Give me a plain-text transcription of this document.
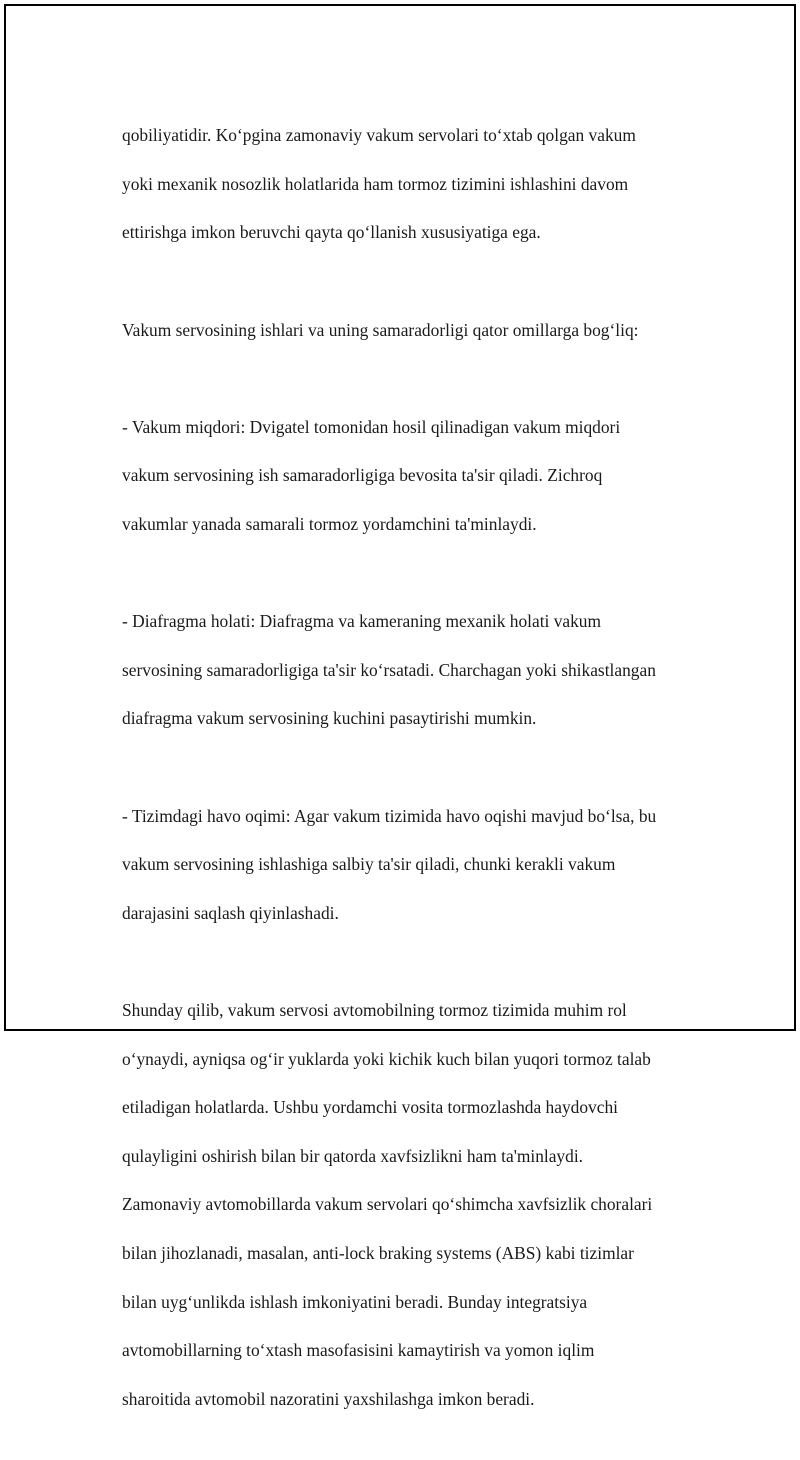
qobiliyatidir. Koʻpgina zamonaviy vakum servolari toʻxtab qolgan vakum

yoki mexanik nosozlik holatlarida ham tormoz tizimini ishlashini davom

ettirishga imkon beruvchi qayta qoʻllanish xususiyatiga ega.

Vakum servosining ishlari va uning samaradorligi qator omillarga bogʻliq:

- Vakum miqdori: Dvigatel tomonidan hosil qilinadigan vakum miqdori

vakum servosining ish samaradorligiga bevosita ta'sir qiladi. Zichroq

vakumlar yanada samarali tormoz yordamchini ta'minlaydi.

- Diafragma holati: Diafragma va kameraning mexanik holati vakum

servosining samaradorligiga ta'sir koʻrsatadi. Charchagan yoki shikastlangan

diafragma vakum servosining kuchini pasaytirishi mumkin.

- Tizimdagi havo oqimi: Agar vakum tizimida havo oqishi mavjud boʻlsa, bu

vakum servosining ishlashiga salbiy ta'sir qiladi, chunki kerakli vakum

darajasini saqlash qiyinlashadi.

Shunday qilib, vakum servosi avtomobilning tormoz tizimida muhim rol

oʻynaydi, ayniqsa ogʻir yuklarda yoki kichik kuch bilan yuqori tormoz talab

etiladigan holatlarda. Ushbu yordamchi vosita tormozlashda haydovchi

qulayligini oshirish bilan bir qatorda xavfsizlikni ham ta'minlaydi.

Zamonaviy avtomobillarda vakum servolari qoʻshimcha xavfsizlik choralari

bilan jihozlanadi, masalan, anti-lock braking systems (ABS) kabi tizimlar

bilan uygʻunlikda ishlash imkoniyatini beradi. Bunday integratsiya

avtomobillarning toʻxtash masofasisini kamaytirish va yomon iqlim

sharoitida avtomobil nazoratini yaxshilashga imkon beradi.
